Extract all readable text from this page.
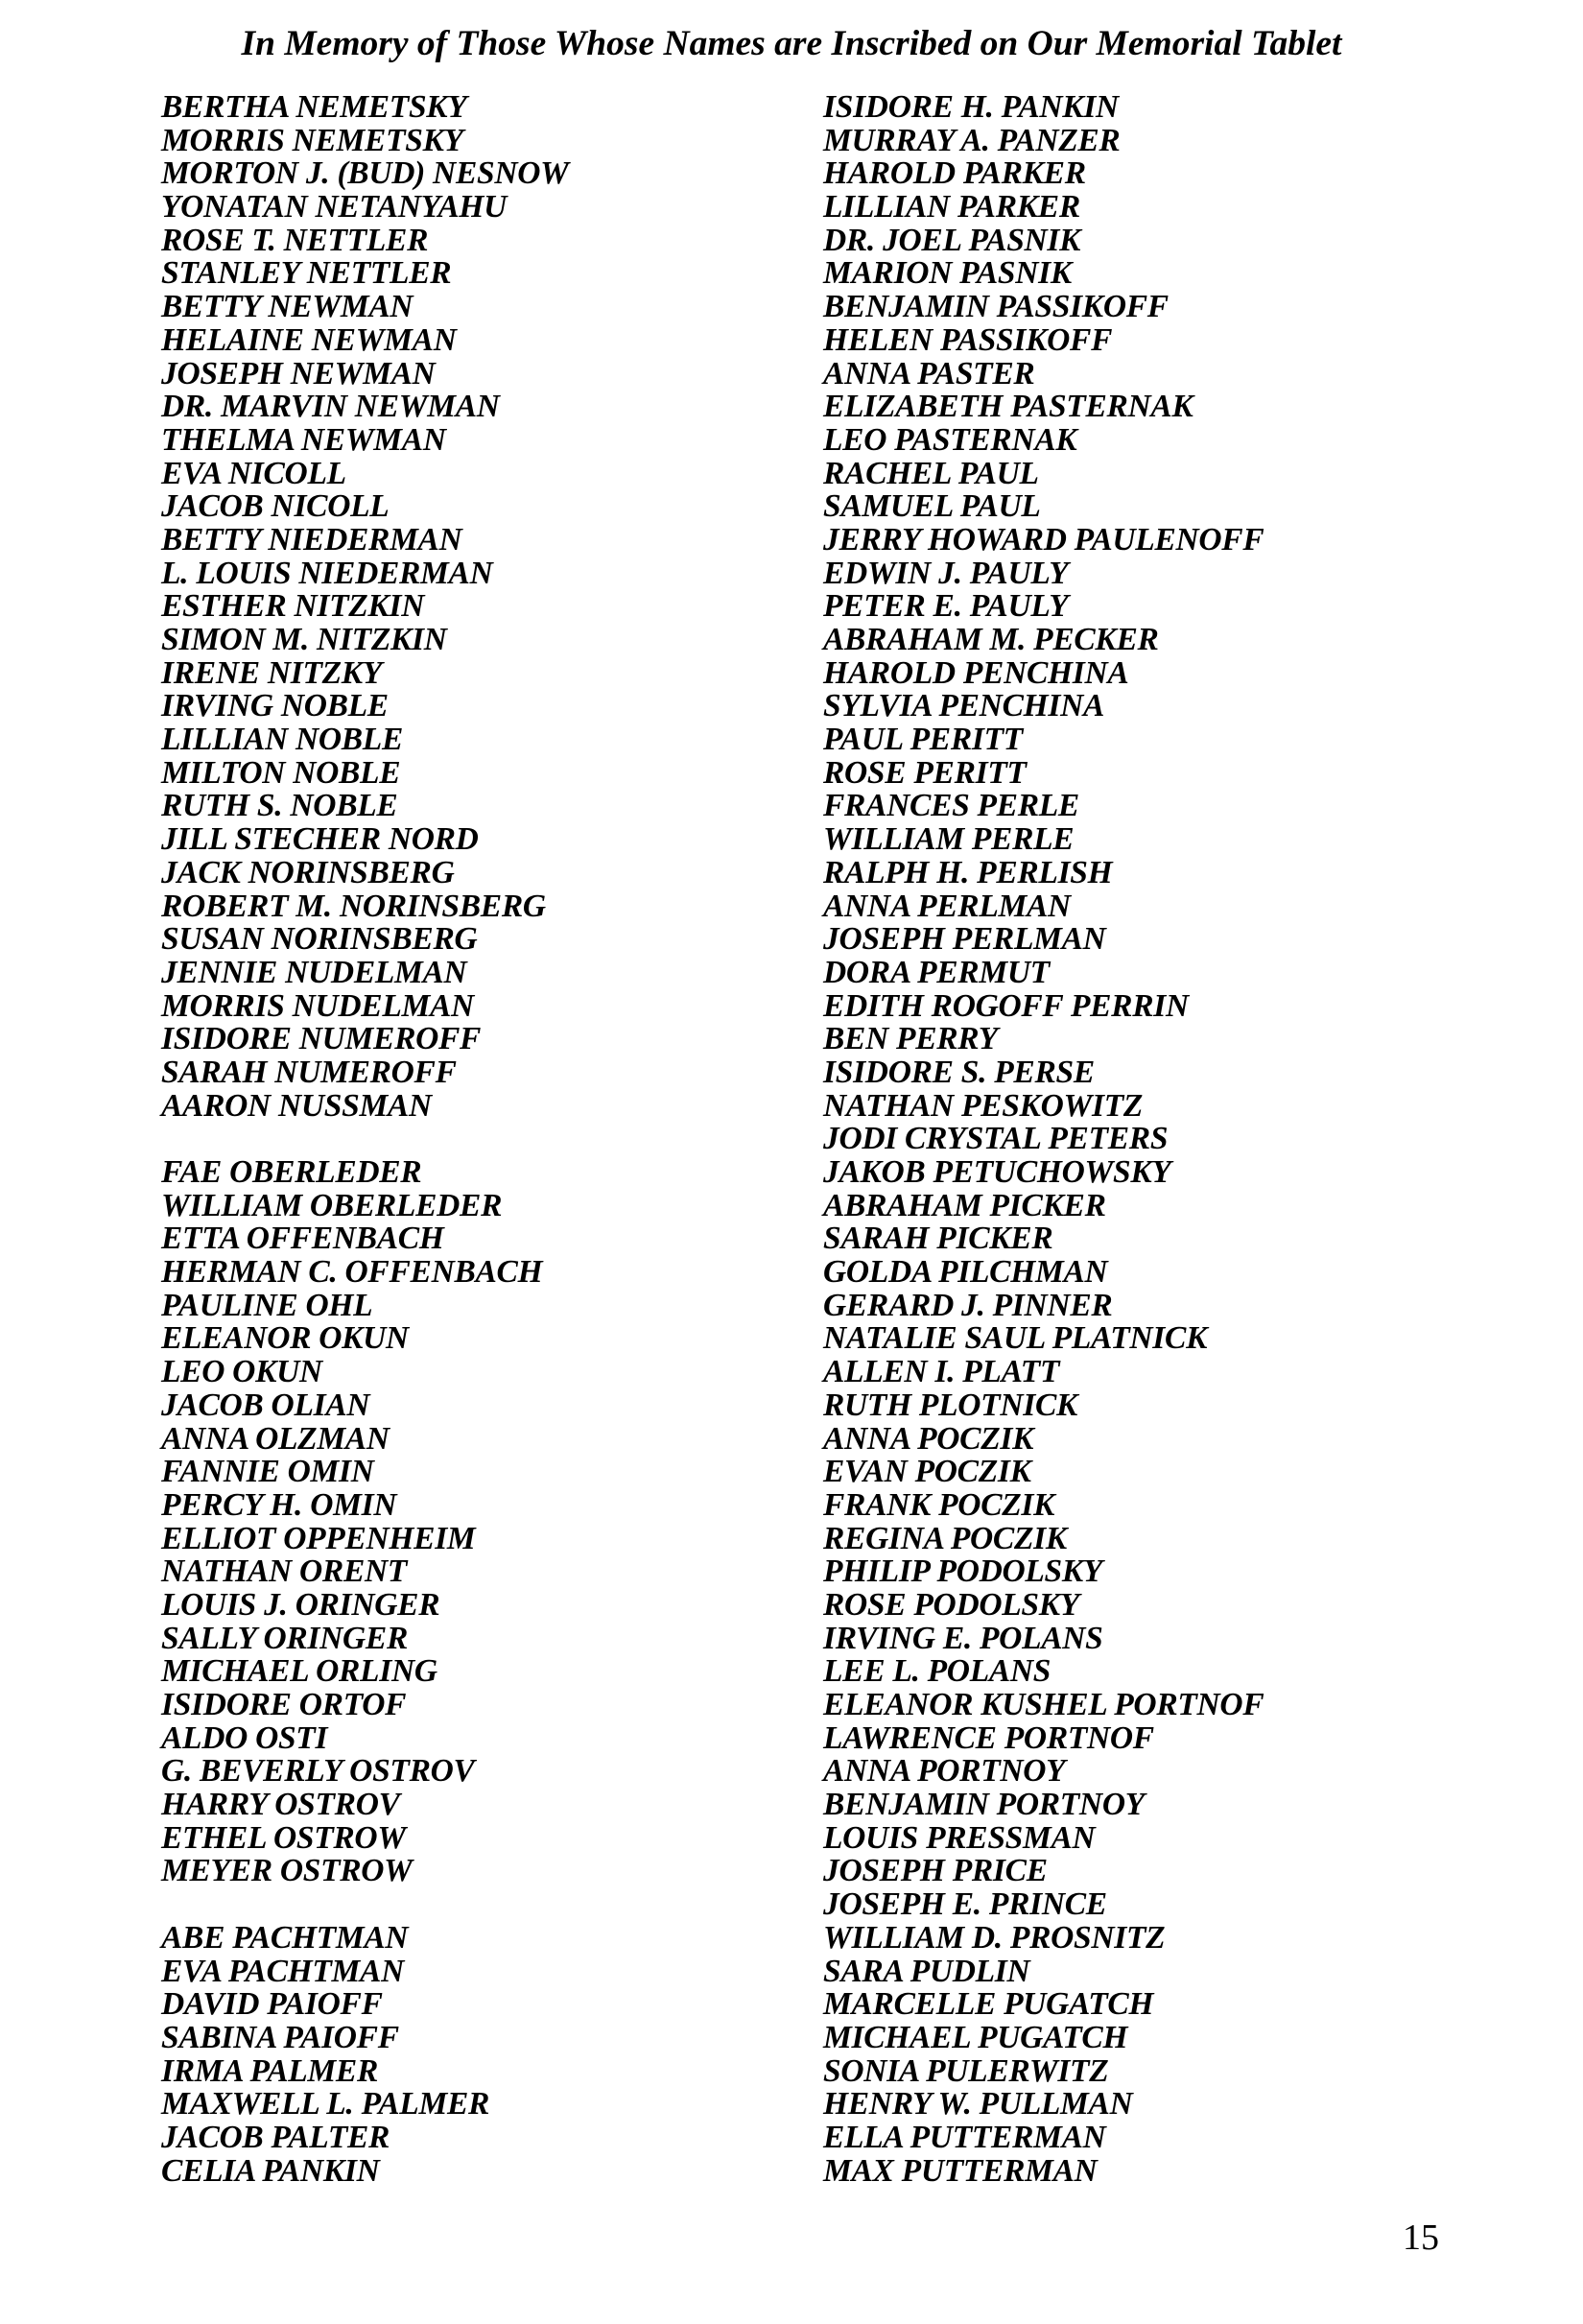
In Memory of Those Whose Names are Inscribed on Our Memorial Tablet
BERTHA NEMETSKY
MORRIS NEMETSKY
MORTON J. (BUD) NESNOW
YONATAN NETANYAHU
ROSE T. NETTLER
STANLEY NETTLER
BETTY NEWMAN
HELAINE NEWMAN
JOSEPH NEWMAN
DR. MARVIN NEWMAN
THELMA NEWMAN
EVA NICOLL
JACOB NICOLL
BETTY NIEDERMAN
L. LOUIS NIEDERMAN
ESTHER NITZKIN
SIMON M. NITZKIN
IRENE NITZKY
IRVING NOBLE
LILLIAN NOBLE
MILTON NOBLE
RUTH S. NOBLE
JILL STECHER NORD
JACK NORINSBERG
ROBERT M. NORINSBERG
SUSAN NORINSBERG
JENNIE NUDELMAN
MORRIS NUDELMAN
ISIDORE NUMEROFF
SARAH NUMEROFF
AARON NUSSMAN
FAE OBERLEDER
WILLIAM OBERLEDER
ETTA OFFENBACH
HERMAN C. OFFENBACH
PAULINE OHL
ELEANOR OKUN
LEO OKUN
JACOB OLIAN
ANNA OLZMAN
FANNIE OMIN
PERCY H. OMIN
ELLIOT OPPENHEIM
NATHAN ORENT
LOUIS J. ORINGER
SALLY ORINGER
MICHAEL ORLING
ISIDORE ORTOF
ALDO OSTI
G. BEVERLY OSTROV
HARRY OSTROV
ETHEL OSTROW
MEYER OSTROW
ABE PACHTMAN
EVA PACHTMAN
DAVID PAIOFF
SABINA PAIOFF
IRMA PALMER
MAXWELL L. PALMER
JACOB PALTER
CELIA PANKIN
ISIDORE H. PANKIN
MURRAY A. PANZER
HAROLD PARKER
LILLIAN PARKER
DR. JOEL PASNIK
MARION PASNIK
BENJAMIN PASSIKOFF
HELEN PASSIKOFF
ANNA PASTER
ELIZABETH PASTERNAK
LEO PASTERNAK
RACHEL PAUL
SAMUEL PAUL
JERRY HOWARD PAULENOFF
EDWIN J. PAULY
PETER E. PAULY
ABRAHAM M. PECKER
HAROLD PENCHINA
SYLVIA PENCHINA
PAUL PERITT
ROSE PERITT
FRANCES PERLE
WILLIAM PERLE
RALPH H. PERLISH
ANNA PERLMAN
JOSEPH PERLMAN
DORA PERMUT
EDITH ROGOFF PERRIN
BEN PERRY
ISIDORE S. PERSE
NATHAN PESKOWITZ
JODI CRYSTAL PETERS
JAKOB PETUCHOWSKY
ABRAHAM PICKER
SARAH PICKER
GOLDA PILCHMAN
GERARD J. PINNER
NATALIE SAUL PLATNICK
ALLEN I. PLATT
RUTH PLOTNICK
ANNA POCZIK
EVAN POCZIK
FRANK POCZIK
REGINA POCZIK
PHILIP PODOLSKY
ROSE PODOLSKY
IRVING E. POLANS
LEE L. POLANS
ELEANOR KUSHEL PORTNOF
LAWRENCE PORTNOF
ANNA PORTNOY
BENJAMIN PORTNOY
LOUIS PRESSMAN
JOSEPH PRICE
JOSEPH E. PRINCE
WILLIAM D. PROSNITZ
SARA PUDLIN
MARCELLE PUGATCH
MICHAEL PUGATCH
SONIA PULERWITZ
HENRY W. PULLMAN
ELLA PUTTERMAN
MAX PUTTERMAN
15
